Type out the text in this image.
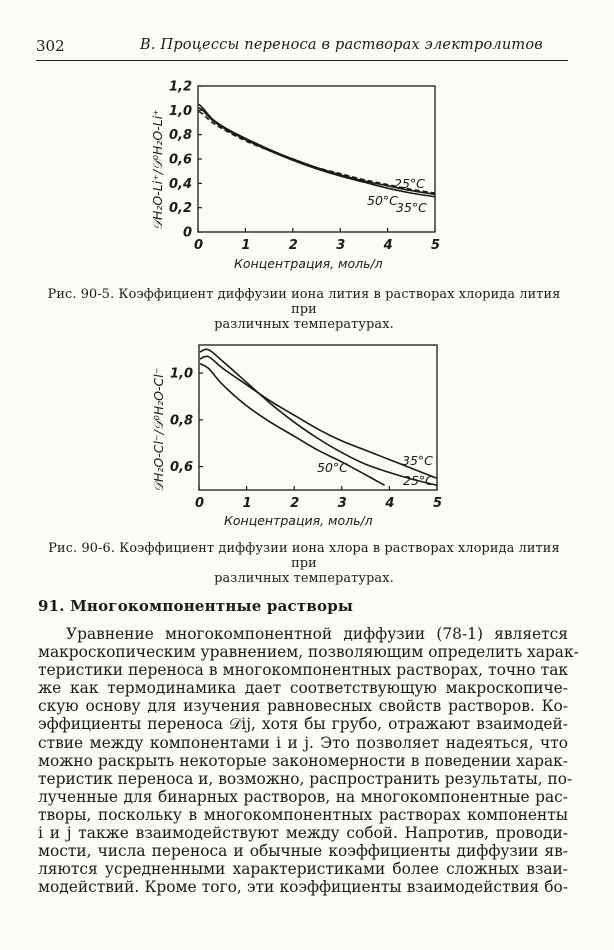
302	В. Процессы переноса в растворах электролитов
0	1	2	3	4	5
0
0,2
0,4
0,6
0,8
1,0
1,2
25°C
50°C
35°C
Концентрация, моль/л
𝒟H₂O-Li⁺/𝒟⁰H₂O-Li⁺
Рис. 90-5. Коэффициент диффузии иона лития в растворах хлорида лития при
различных температурах.
0	1	2	3	4	5
0,6
0,8
1,0
35°C
25°C
50°C
Концентрация, моль/л
𝒟H₂O-Cl⁻/𝒟⁰H₂O-Cl⁻
Рис. 90-6. Коэффициент диффузии иона хлора в растворах хлорида лития при
различных температурах.
91. Многокомпонентные растворы
Уравнение многокомпонентной диффузии (78-1) является
макроскопическим уравнением, позволяющим определить харак-
теристики переноса в многокомпонентных растворах, точно так
же как термодинамика дает соответствующую макроскопиче-
скую основу для изучения равновесных свойств растворов. Ко-
эффициенты переноса 𝒟ij, хотя бы грубо, отражают взаимодей-
ствие между компонентами i и j. Это позволяет надеяться, что
можно раскрыть некоторые закономерности в поведении харак-
теристик переноса и, возможно, распространить результаты, по-
лученные для бинарных растворов, на многокомпонентные рас-
творы, поскольку в многокомпонентных растворах компоненты
i и j также взаимодействуют между собой. Напротив, проводи-
мости, числа переноса и обычные коэффициенты диффузии яв-
ляются усредненными характеристиками более сложных взаи-
модействий. Кроме того, эти коэффициенты взаимодействия бо-
